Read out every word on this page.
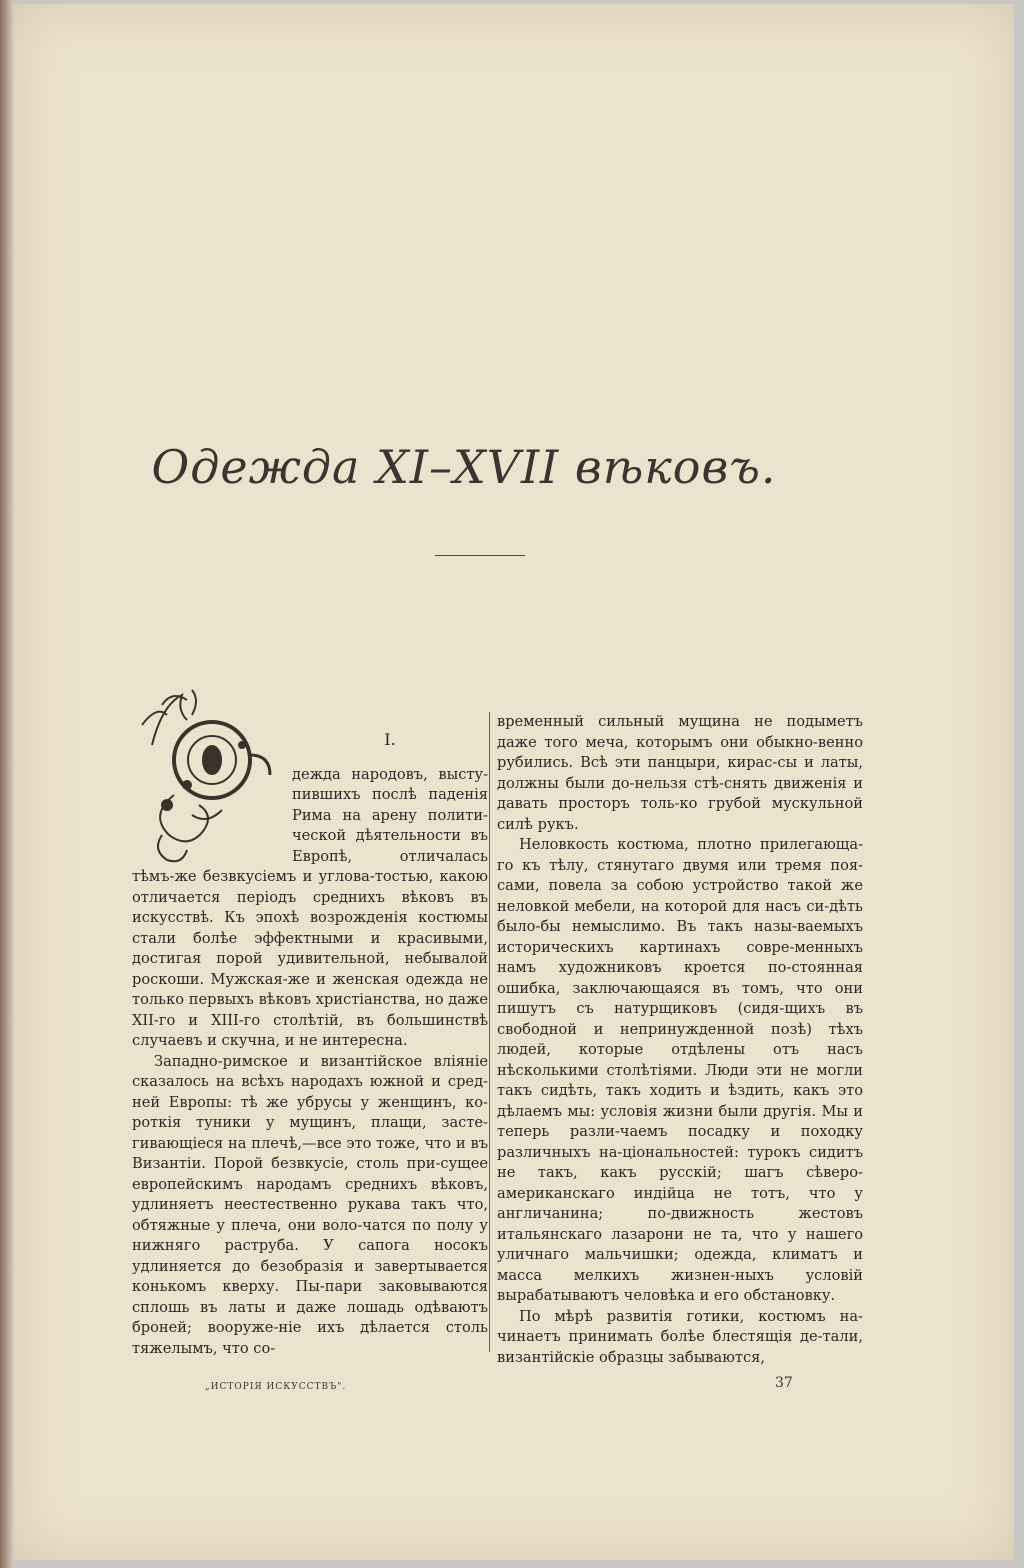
Одежда XI–XVII вѣковъ.
I.

дежда народовъ, высту-пившихъ послѣ паденія Рима на арену полити-ческой дѣятельности въ Европѣ, отличалась тѣмъ-же безвкусіемъ и углова-тостью, какою отличается періодъ среднихъ вѣковъ въ искусствѣ. Къ эпохѣ возрожденія костюмы стали болѣе эффектными и красивыми, достигая порой удивительной, небывалой роскоши. Мужская-же и женская одежда не только первыхъ вѣковъ христіанства, но даже XII-го и XIII-го столѣтій, въ большинствѣ случаевъ и скучна, и не интересна.

Западно-римское и византійское вліяніе сказалось на всѣхъ народахъ южной и сред-ней Европы: тѣ же убрусы у женщинъ, ко-роткія туники у мущинъ, плащи, застe-гивающіеся на плечѣ,—все это тоже, что и въ Византіи. Порой безвкусіе, столь при-сущее европейскимъ народамъ среднихъ вѣковъ, удлиняетъ неестественно рукава такъ что, обтяжные у плеча, они воло-чатся по полу у нижняго раструба. У сапога носокъ удлиняется до безобразія и завертывается конькомъ кверху. Пы-пари заковываются сплошь въ латы и даже лошадь одѣваютъ броней; вооруже-ніе ихъ дѣлается столь тяжелымъ, что со-

временный сильный мущина не подыметъ даже того меча, которымъ они обыкно-венно рубились. Всѣ эти панцыри, кирас-сы и латы, должны были до-нельзя стѣ-снять движенія и давать просторъ толь-ко грубой мускульной силѣ рукъ.

Неловкость костюма, плотно прилегающа-го къ тѣлу, стянутаго двумя или тремя поя-сами, повела за собою устройство такой же неловкой мебели, на которой для насъ си-дѣть было-бы немыслимо. Въ такъ назы-ваемыхъ историческихъ картинахъ совре-менныхъ намъ художниковъ кроется по-стоянная ошибка, заключающаяся въ томъ, что они пишутъ съ натурщиковъ (сидя-щихъ въ свободной и непринужденной позѣ) тѣхъ людей, которые отдѣлены отъ насъ нѣсколькими столѣтіями. Люди эти не могли такъ сидѣть, такъ ходить и ѣздить, какъ это дѣлаемъ мы: условія жизни были другія. Мы и теперь разли-чаемъ посадку и походку различныхъ на-ціональностей: турокъ сидитъ не такъ, какъ русскій; шагъ сѣверо-американскаго индійца не тотъ, что у англичанина; по-движность жестовъ итальянскаго лазарони не та, что у нашего уличнаго мальчишки; одежда, климатъ и масса мелкихъ жизнен-ныхъ условій вырабатываютъ человѣка и его обстановку.

По мѣрѣ развитія готики, костюмъ на-чинаетъ принимать болѣе блестящія де-тали, византійскіе образцы забываются,

„ИСТОРІЯ ИСКУССТВЪ".	37
